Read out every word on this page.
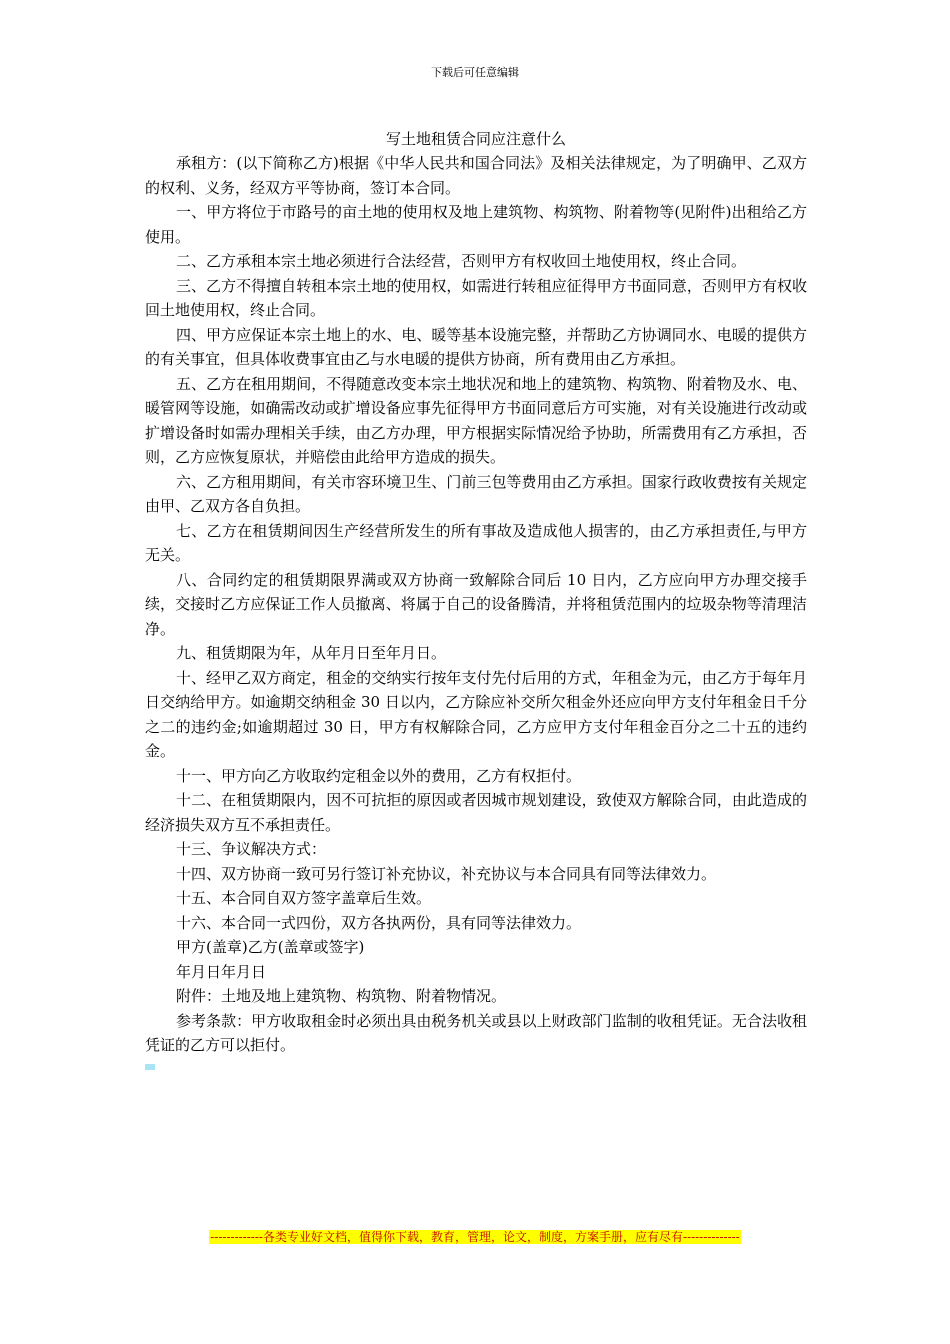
下载后可任意编辑
写土地租赁合同应注意什么

承租方：(以下简称乙方)根据《中华人民共和国合同法》及相关法律规定，为了明确甲、乙双方的权利、义务，经双方平等协商，签订本合同。

一、甲方将位于市路号的亩土地的使用权及地上建筑物、构筑物、附着物等(见附件)出租给乙方使用。

二、乙方承租本宗土地必须进行合法经营，否则甲方有权收回土地使用权，终止合同。

三、乙方不得擅自转租本宗土地的使用权，如需进行转租应征得甲方书面同意，否则甲方有权收回土地使用权，终止合同。

四、甲方应保证本宗土地上的水、电、暖等基本设施完整，并帮助乙方协调同水、电暖的提供方的有关事宜，但具体收费事宜由乙与水电暖的提供方协商，所有费用由乙方承担。

五、乙方在租用期间，不得随意改变本宗土地状况和地上的建筑物、构筑物、附着物及水、电、暖管网等设施，如确需改动或扩增设备应事先征得甲方书面同意后方可实施，对有关设施进行改动或扩增设备时如需办理相关手续，由乙方办理，甲方根据实际情况给予协助，所需费用有乙方承担，否则，乙方应恢复原状，并赔偿由此给甲方造成的损失。

六、乙方租用期间，有关市容环境卫生、门前三包等费用由乙方承担。国家行政收费按有关规定由甲、乙双方各自负担。

七、乙方在租赁期间因生产经营所发生的所有事故及造成他人损害的，由乙方承担责任,与甲方无关。

八、合同约定的租赁期限界满或双方协商一致解除合同后 10 日内，乙方应向甲方办理交接手续，交接时乙方应保证工作人员撤离、将属于自己的设备腾清，并将租赁范围内的垃圾杂物等清理洁净。

九、租赁期限为年，从年月日至年月日。

十、经甲乙双方商定，租金的交纳实行按年支付先付后用的方式，年租金为元，由乙方于每年月日交纳给甲方。如逾期交纳租金 30 日以内，乙方除应补交所欠租金外还应向甲方支付年租金日千分之二的违约金;如逾期超过 30 日，甲方有权解除合同，乙方应甲方支付年租金百分之二十五的违约金。

十一、甲方向乙方收取约定租金以外的费用，乙方有权拒付。

十二、在租赁期限内，因不可抗拒的原因或者因城市规划建设，致使双方解除合同，由此造成的经济损失双方互不承担责任。

十三、争议解决方式：

十四、双方协商一致可另行签订补充协议，补充协议与本合同具有同等法律效力。

十五、本合同自双方签字盖章后生效。

十六、本合同一式四份，双方各执两份，具有同等法律效力。

甲方(盖章)乙方(盖章或签字)

年月日年月日

附件：土地及地上建筑物、构筑物、附着物情况。

参考条款：甲方收取租金时必须出具由税务机关或县以上财政部门监制的收租凭证。无合法收租凭证的乙方可以拒付。

-------------各类专业好文档，值得你下载，教育，管理，论文，制度，方案手册，应有尽有--------------
